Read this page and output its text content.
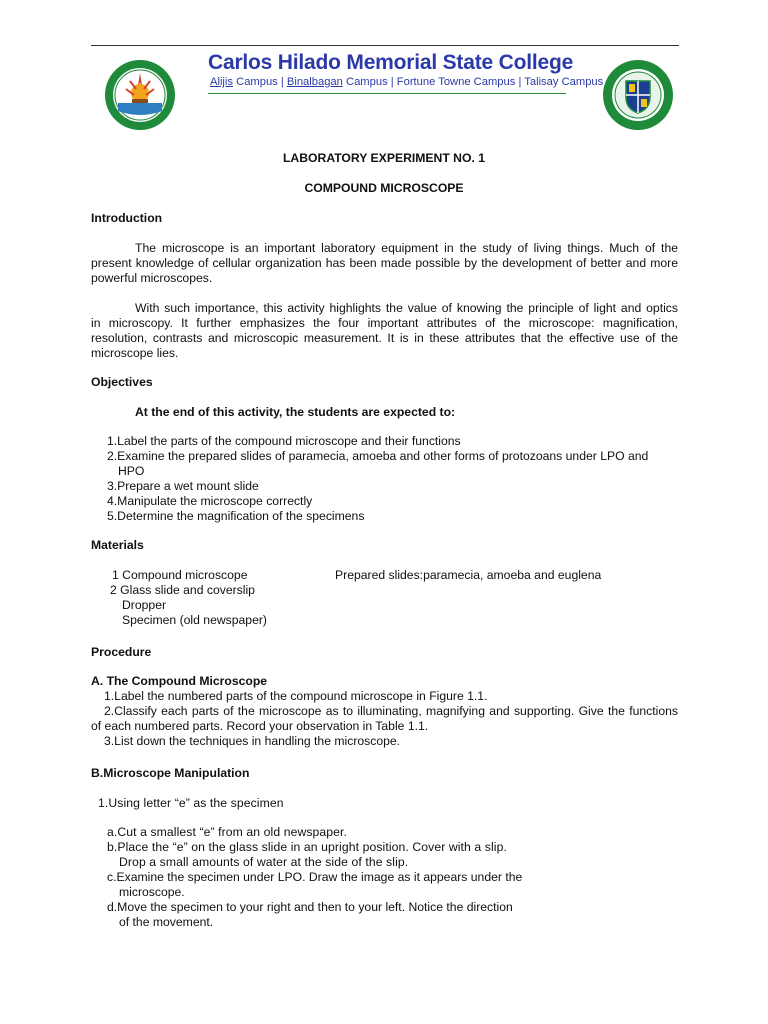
Carlos Hilado Memorial State College
Alijis Campus | Binalbagan Campus | Fortune Towne Campus | Talisay Campus
LABORATORY EXPERIMENT NO. 1
COMPOUND MICROSCOPE
Introduction
The microscope is an important laboratory equipment in the study of living things. Much of the
present knowledge of cellular organization has been made possible by the development of better and more
powerful microscopes.
With such importance, this activity highlights the value of knowing the principle of light and optics
in microscopy. It further emphasizes the four important attributes of the microscope: magnification,
resolution, contrasts and microscopic measurement. It is in these attributes that the effective use of the
microscope lies.
Objectives
At the end of this activity, the students are expected to:
1.Label the parts of the compound microscope and their functions
2.Examine the prepared slides of paramecia, amoeba and other forms of protozoans under LPO and
HPO
3.Prepare a wet mount slide
4.Manipulate the microscope correctly
5.Determine the magnification of the specimens
Materials
1 Compound microscope	Prepared slides:paramecia, amoeba and euglena
2 Glass slide and coverslip
Dropper
Specimen (old newspaper)
Procedure
A. The Compound Microscope
1.Label the numbered parts of the compound microscope in Figure 1.1.
2.Classify each parts of the microscope as to illuminating, magnifying and supporting. Give the functions
of each numbered parts. Record your observation in Table 1.1.
3.List down the techniques in handling the microscope.
B.Microscope Manipulation
1.Using letter “e” as the specimen
a.Cut a smallest “e” from an old newspaper.
b.Place the “e” on the glass slide in an upright position. Cover with a slip.
Drop a small amounts of water at the side of the slip.
c.Examine the specimen under LPO. Draw the image as it appears under the
microscope.
d.Move the specimen to your right and then to your left. Notice the direction
of the movement.
